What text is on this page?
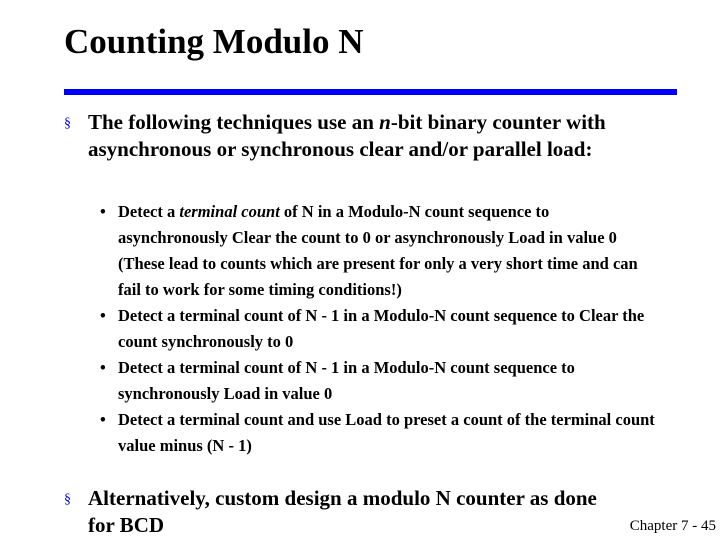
Counting Modulo N
§ The following techniques use an n-bit binary counter with asynchronous or synchronous clear and/or parallel load:
• Detect a terminal count of N in a Modulo-N count sequence to asynchronously Clear the count to 0 or asynchronously Load in value 0 (These lead to counts which are present for only a very short time and can fail to work for some timing conditions!)
• Detect a terminal count of N - 1 in a Modulo-N count sequence to Clear the count synchronously to 0
• Detect a terminal count of N - 1 in a Modulo-N count sequence to synchronously Load in value 0
• Detect a terminal count and use Load to preset a count of the terminal count value minus (N - 1)
§ Alternatively, custom design a modulo N counter as done for BCD	Chapter 7 - 45
